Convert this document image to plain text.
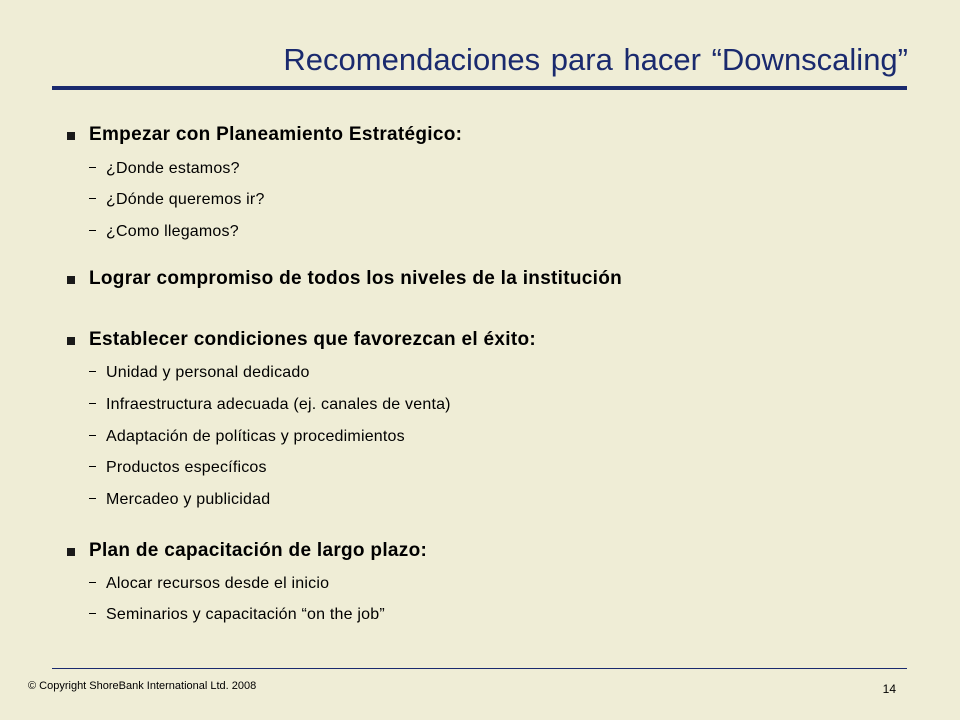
Recomendaciones para hacer “Downscaling”
Empezar con Planeamiento Estratégico:
¿Donde estamos?
¿Dónde queremos ir?
¿Como llegamos?
Lograr compromiso de todos los niveles de la institución
Establecer condiciones que favorezcan el éxito:
Unidad y personal dedicado
Infraestructura adecuada (ej. canales de venta)
Adaptación de políticas y procedimientos
Productos específicos
Mercadeo y publicidad
Plan de capacitación de largo plazo:
Alocar recursos desde el inicio
Seminarios y capacitación “on the job”
© Copyright ShoreBank International Ltd. 2008	14
